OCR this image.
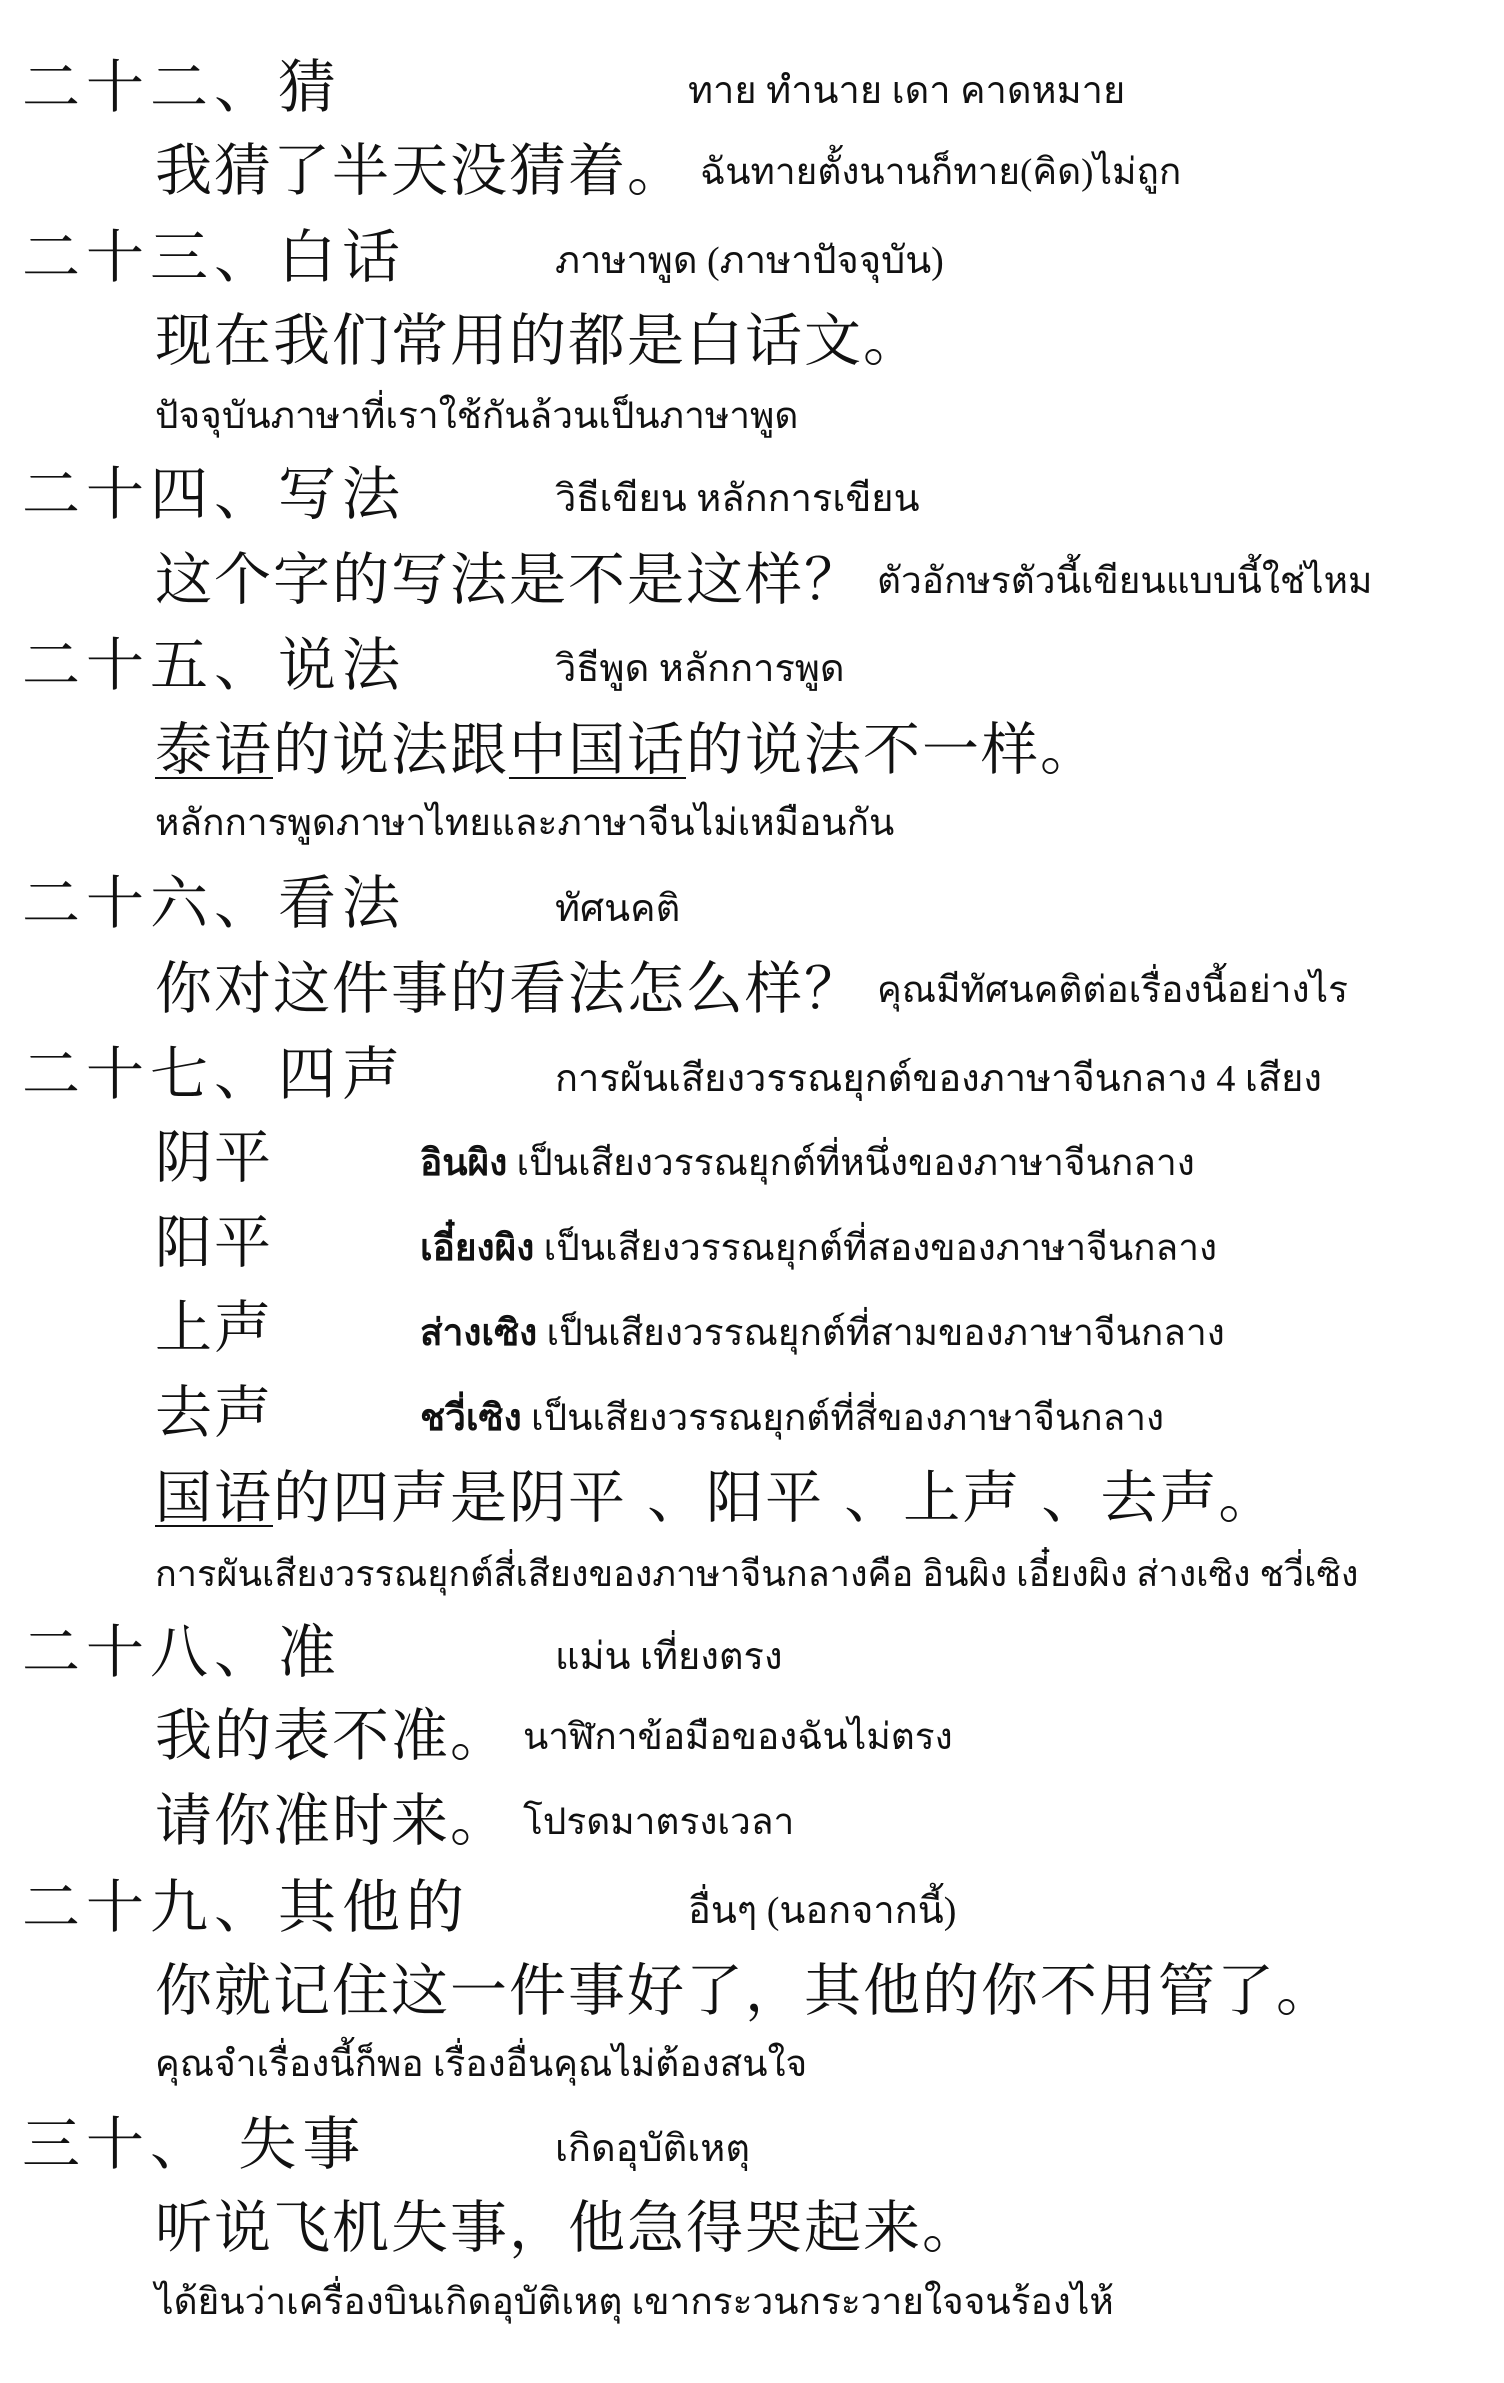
二十二、猜	ทาย ทำนาย เดา คาดหมาย
我猜了半天没猜着。 ฉันทายตั้งนานก็ทาย(คิด)ไม่ถูก
二十三、白话	ภาษาพูด (ภาษาปัจจุบัน)
现在我们常用的都是白话文。
ปัจจุบันภาษาที่เราใช้กันล้วนเป็นภาษาพูด
二十四、写法	วิธีเขียน หลักการเขียน
这个字的写法是不是这样？ ตัวอักษรตัวนี้เขียนแบบนี้ใช่ไหม
二十五、说法	วิธีพูด หลักการพูด
泰语的说法跟中国话的说法不一样。
หลักการพูดภาษาไทยและภาษาจีนไม่เหมือนกัน
二十六、看法	ทัศนคติ
你对这件事的看法怎么样？ คุณมีทัศนคติต่อเรื่องนี้อย่างไร
二十七、四声	การผันเสียงวรรณยุกต์ของภาษาจีนกลาง 4 เสียง
阴平	อินผิง เป็นเสียงวรรณยุกต์ที่หนึ่งของภาษาจีนกลาง
阳平	เอี๋ยงผิง เป็นเสียงวรรณยุกต์ที่สองของภาษาจีนกลาง
上声	ส่างเซิง เป็นเสียงวรรณยุกต์ที่สามของภาษาจีนกลาง
去声	ชวี่เซิง เป็นเสียงวรรณยุกต์ที่สี่ของภาษาจีนกลาง
国语的四声是阴平 、阳平 、上声 、去声。
การผันเสียงวรรณยุกต์สี่เสียงของภาษาจีนกลางคือ อินผิง เอี๋ยงผิง ส่างเซิง ชวี่เซิง
二十八、准	แม่น เที่ยงตรง
我的表不准。 นาฬิกาข้อมือของฉันไม่ตรง
请你准时来。 โปรดมาตรงเวลา
二十九、其他的	อื่นๆ (นอกจากนี้)
你就记住这一件事好了，其他的你不用管了。
คุณจำเรื่องนี้ก็พอ เรื่องอื่นคุณไม่ต้องสนใจ
三十、 失事	เกิดอุบัติเหตุ
听说飞机失事，他急得哭起来。
ได้ยินว่าเครื่องบินเกิดอุบัติเหตุ เขากระวนกระวายใจจนร้องไห้
